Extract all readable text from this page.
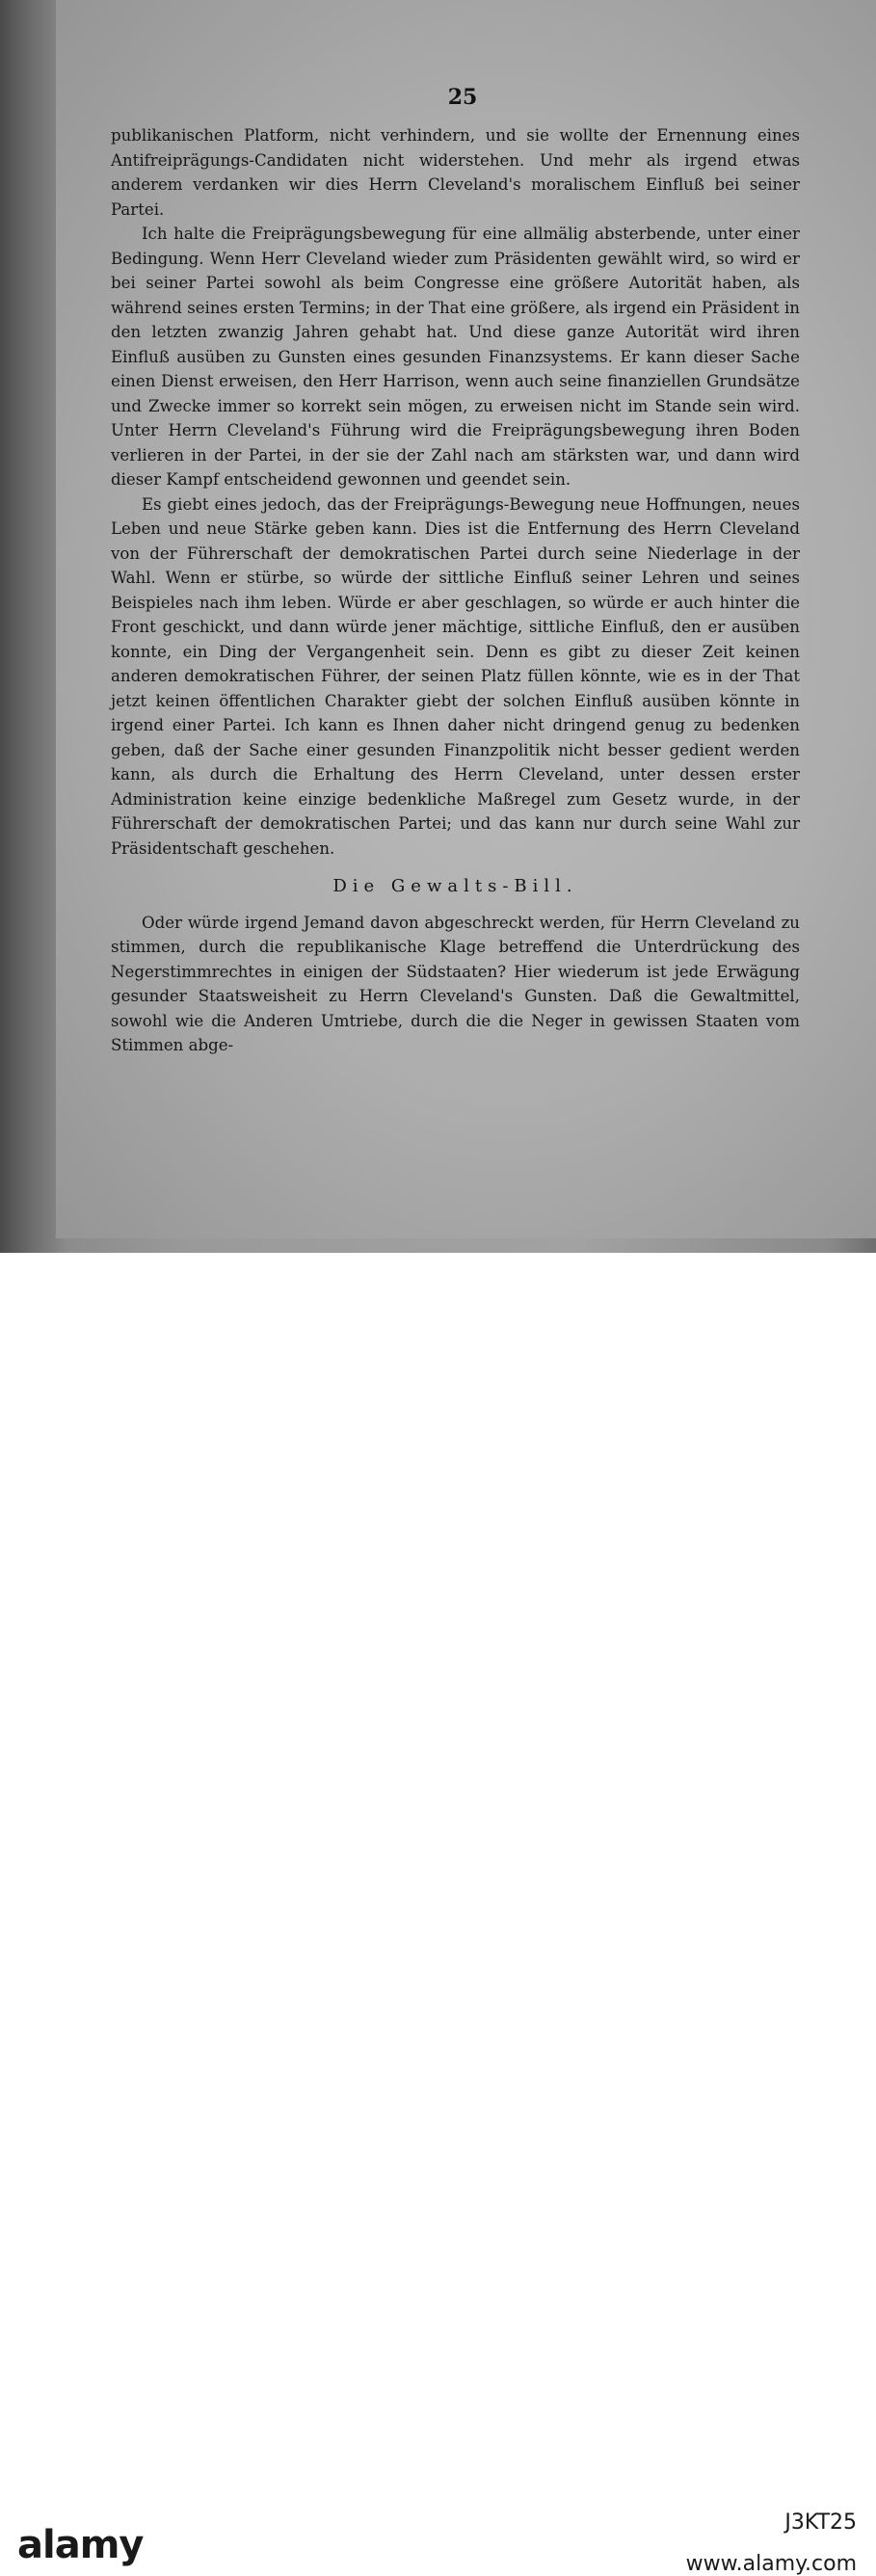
25

publikanischen Platform, nicht verhindern, und sie wollte der Ernennung eines Antifreiprägungs-Candidaten nicht widerstehen. Und mehr als irgend etwas anderem verdanken wir dies Herrn Cleveland's moralischem Einfluß bei seiner Partei.

Ich halte die Freiprägungsbewegung für eine allmälig absterbende, unter einer Bedingung. Wenn Herr Cleveland wieder zum Präsidenten gewählt wird, so wird er bei seiner Partei sowohl als beim Congresse eine größere Autorität haben, als während seines ersten Termins; in der That eine größere, als irgend ein Präsident in den letzten zwanzig Jahren gehabt hat. Und diese ganze Autorität wird ihren Einfluß ausüben zu Gunsten eines gesunden Finanzsystems. Er kann dieser Sache einen Dienst erweisen, den Herr Harrison, wenn auch seine finanziellen Grundsätze und Zwecke immer so korrekt sein mögen, zu erweisen nicht im Stande sein wird. Unter Herrn Cleveland's Führung wird die Freiprägungsbewegung ihren Boden verlieren in der Partei, in der sie der Zahl nach am stärksten war, und dann wird dieser Kampf entscheidend gewonnen und geendet sein.

Es giebt eines jedoch, das der Freiprägungs-Bewegung neue Hoffnungen, neues Leben und neue Stärke geben kann. Dies ist die Entfernung des Herrn Cleveland von der Führerschaft der demokratischen Partei durch seine Niederlage in der Wahl. Wenn er stürbe, so würde der sittliche Einfluß seiner Lehren und seines Beispieles nach ihm leben. Würde er aber geschlagen, so würde er auch hinter die Front geschickt, und dann würde jener mächtige, sittliche Einfluß, den er ausüben konnte, ein Ding der Vergangenheit sein. Denn es gibt zu dieser Zeit keinen anderen demokratischen Führer, der seinen Platz füllen könnte, wie es in der That jetzt keinen öffentlichen Charakter giebt der solchen Einfluß ausüben könnte in irgend einer Partei. Ich kann es Ihnen daher nicht dringend genug zu bedenken geben, daß der Sache einer gesunden Finanzpolitik nicht besser gedient werden kann, als durch die Erhaltung des Herrn Cleveland, unter dessen erster Administration keine einzige bedenkliche Maßregel zum Gesetz wurde, in der Führerschaft der demokratischen Partei; und das kann nur durch seine Wahl zur Präsidentschaft geschehen.

Die Gewalts-Bill.

Oder würde irgend Jemand davon abgeschreckt werden, für Herrn Cleveland zu stimmen, durch die republikanische Klage betreffend die Unterdrückung des Negerstimmrechtes in einigen der Südstaaten? Hier wiederum ist jede Erwägung gesunder Staatsweisheit zu Herrn Cleveland's Gunsten. Daß die Gewaltmittel, sowohl wie die Anderen Umtriebe, durch die die Neger in gewissen Staaten vom Stimmen abge-

alamy
J3KT25
www.alamy.com
